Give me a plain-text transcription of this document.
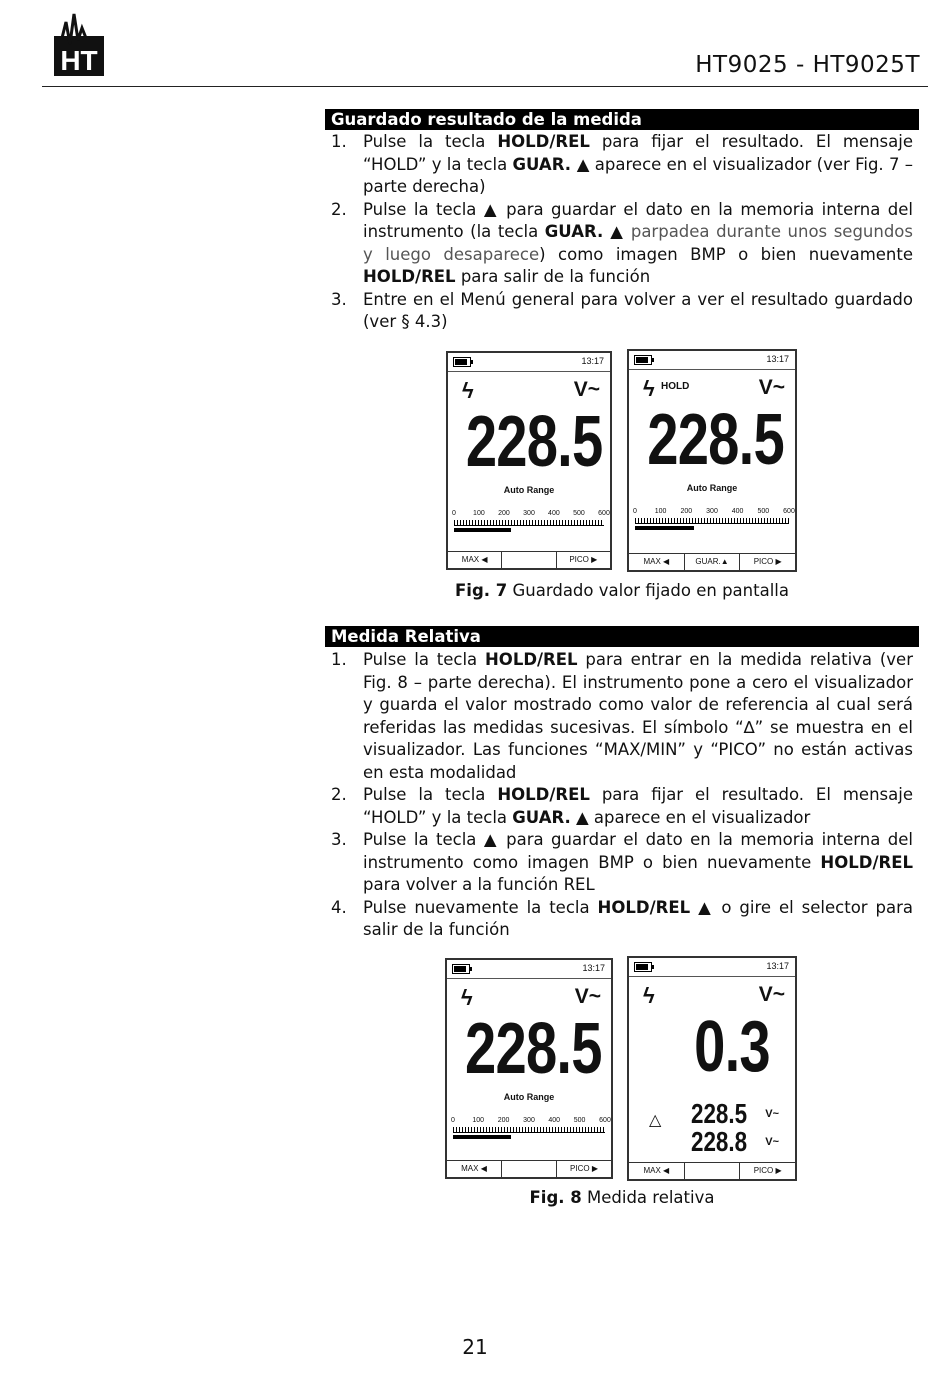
HT	HT9025 - HT9025T
Guardado resultado de la medida
1. Pulse la tecla HOLD/REL para fijar el resultado. El mensaje “HOLD” y la tecla GUAR. ▲ aparece en el visualizador (ver Fig. 7 – parte derecha)
2. Pulse la tecla ▲ para guardar el dato en la memoria interna del instrumento (la tecla GUAR. ▲ parpadea durante unos segundos y luego desaparece) como imagen BMP o bien nuevamente HOLD/REL para salir de la función
3. Entre en el Menú general para volver a ver el resultado guardado (ver § 4.3)
13:17
ϟ	V~
228.5
Auto Range
0 100 200 300 400 500 600
MAX ◀	PICO ▶
13:17
ϟ HOLD	V~
228.5
Auto Range
0	100 200 300 400 500 600
MAX ◀	GUAR.▲	PICO ▶
Fig. 7 Guardado valor fijado en pantalla
Medida Relativa
1. Pulse la tecla HOLD/REL para entrar en la medida relativa (ver Fig. 8 – parte derecha). El instrumento pone a cero el visualizador y guarda el valor mostrado como valor de referencia al cual será referidas las medidas sucesivas. El símbolo “∆” se muestra en el visualizador. Las funciones “MAX/MIN” y “PICO” no están activas en esta modalidad
2. Pulse la tecla HOLD/REL para fijar el resultado. El mensaje “HOLD” y la tecla GUAR. ▲ aparece en el visualizador
3. Pulse la tecla ▲ para guardar el dato en la memoria interna del instrumento como imagen BMP o bien nuevamente HOLD/REL para volver a la función REL
4. Pulse nuevamente la tecla HOLD/REL ▲ o gire el selector para salir de la función
13:17
ϟ	V~
228.5
Auto Range
0 100 200 300 400 500 600
MAX ◀	PICO ▶
13:17
ϟ	V~
0.3
△ 228.5 V~
228.8 V~
MAX ◀	PICO ▶
Fig. 8 Medida relativa
21
